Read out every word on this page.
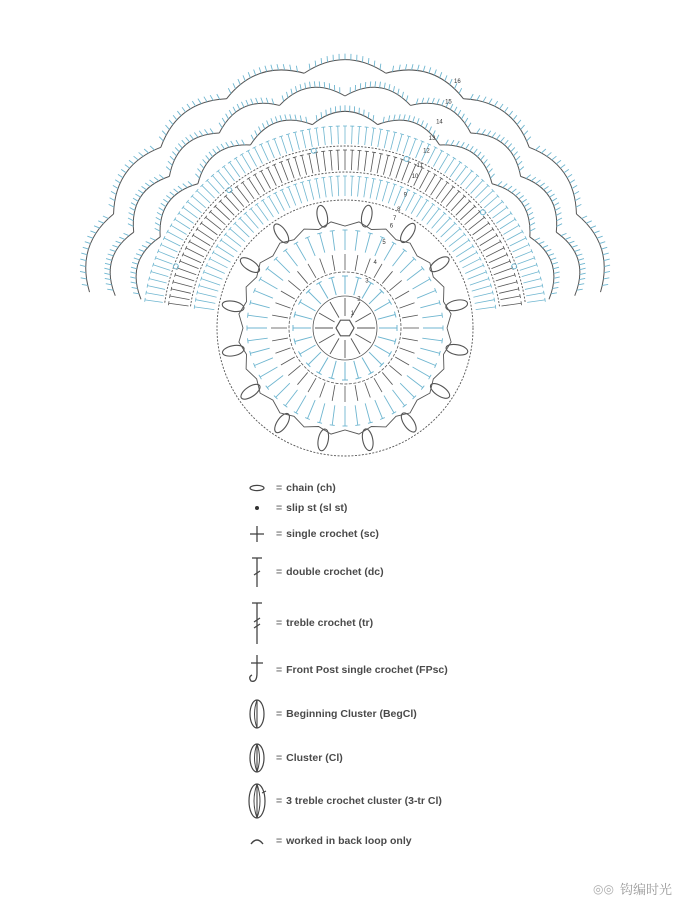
1
2
3
4
5
6
7
8
9
10
11
12
13
14
15
16
= chain (ch)
= slip st (sl st)
= single crochet (sc)
= double crochet (dc)
= treble crochet (tr)
= Front Post single crochet (FPsc)
= Beginning Cluster (BegCl)
= Cluster (Cl)
= 3 treble crochet cluster (3-tr Cl)
= worked in back loop only
◎◎ 钩编时光
